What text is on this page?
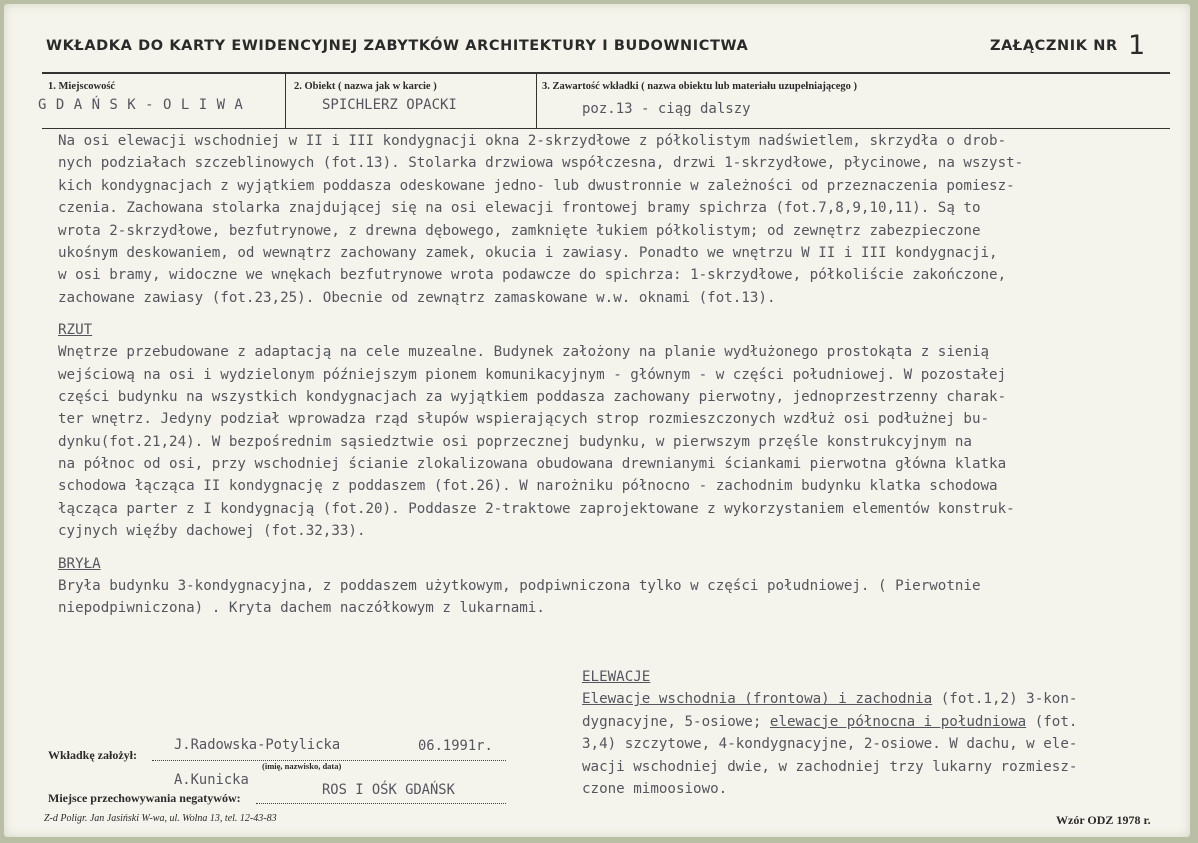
WKŁADKA DO KARTY EWIDENCYJNEJ ZABYTKÓW ARCHITEKTURY I BUDOWNICTWA	ZAŁĄCZNIK NR 1
1. Miejscowość
G D A Ń S K - O L I W A
2. Obiekt ( nazwa jak w karcie )
SPICHLERZ OPACKI
3. Zawartość wkładki ( nazwa obiektu lub materiału uzupełniającego )
poz.13 - ciąg dalszy
Na osi elewacji wschodniej w II i III kondygnacji okna 2-skrzydłowe z półkolistym nadświetlem, skrzydła o drob-
nych podziałach szczeblinowych (fot.13). Stolarka drzwiowa współczesna, drzwi 1-skrzydłowe, płycinowe, na wszyst-
kich kondygnacjach z wyjątkiem poddasza odeskowane jedno- lub dwustronnie w zależności od przeznaczenia pomiesz-
czenia. Zachowana stolarka znajdującej się na osi elewacji frontowej bramy spichrza (fot.7,8,9,10,11). Są to
wrota 2-skrzydłowe, bezfutrynowe, z drewna dębowego, zamknięte łukiem półkolistym; od zewnętrz zabezpieczone
ukośnym deskowaniem, od wewnątrz zachowany zamek, okucia i zawiasy. Ponadto we wnętrzu W II i III kondygnacji,
w osi bramy, widoczne we wnękach bezfutrynowe wrota podawcze do spichrza: 1-skrzydłowe, półkoliście zakończone,
zachowane zawiasy (fot.23,25). Obecnie od zewnątrz zamaskowane w.w. oknami (fot.13).
RZUT
Wnętrze przebudowane z adaptacją na cele muzealne. Budynek założony na planie wydłużonego prostokąta z sienią
wejściową na osi i wydzielonym późniejszym pionem komunikacyjnym - głównym - w części południowej. W pozostałej
części budynku na wszystkich kondygnacjach za wyjątkiem poddasza zachowany pierwotny, jednoprzestrzenny charak-
ter wnętrz. Jedyny podział wprowadza rząd słupów wspierających strop rozmieszczonych wzdłuż osi podłużnej bu-
dynku(fot.21,24). W bezpośrednim sąsiedztwie osi poprzecznej budynku, w pierwszym przęśle konstrukcyjnym na
na północ od osi, przy wschodniej ścianie zlokalizowana obudowana drewnianymi ściankami pierwotna główna klatka
schodowa łącząca II kondygnację z poddaszem (fot.26). W narożniku północno - zachodnim budynku klatka schodowa
łącząca parter z I kondygnacją (fot.20). Poddasze 2-traktowe zaprojektowane z wykorzystaniem elementów konstruk-
cyjnych więźby dachowej (fot.32,33).
BRYŁA
Bryła budynku 3-kondygnacyjna, z poddaszem użytkowym, podpiwniczona tylko w części południowej. ( Pierwotnie
niepodpiwniczona) . Kryta dachem naczółkowym z lukarnami.
ELEWACJE
Elewacje wschodnia (frontowa) i zachodnia (fot.1,2) 3-kon-
dygnacyjne, 5-osiowe; elewacje północna i południowa (fot.
3,4) szczytowe, 4-kondygnacyjne, 2-osiowe. W dachu, w ele-
wacji wschodniej dwie, w zachodniej trzy lukarny rozmiesz-
czone mimoosiowo.
Wkładkę założył:
J.Radowska-Potylicka	06.1991r.
(imię, nazwisko, data)
A.Kunicka
Miejsce przechowywania negatywów:	ROS I OŚK GDAŃSK
Z-d Poligr. Jan Jasiński W-wa, ul. Wolna 13, tel. 12-43-83	Wzór ODZ 1978 r.
